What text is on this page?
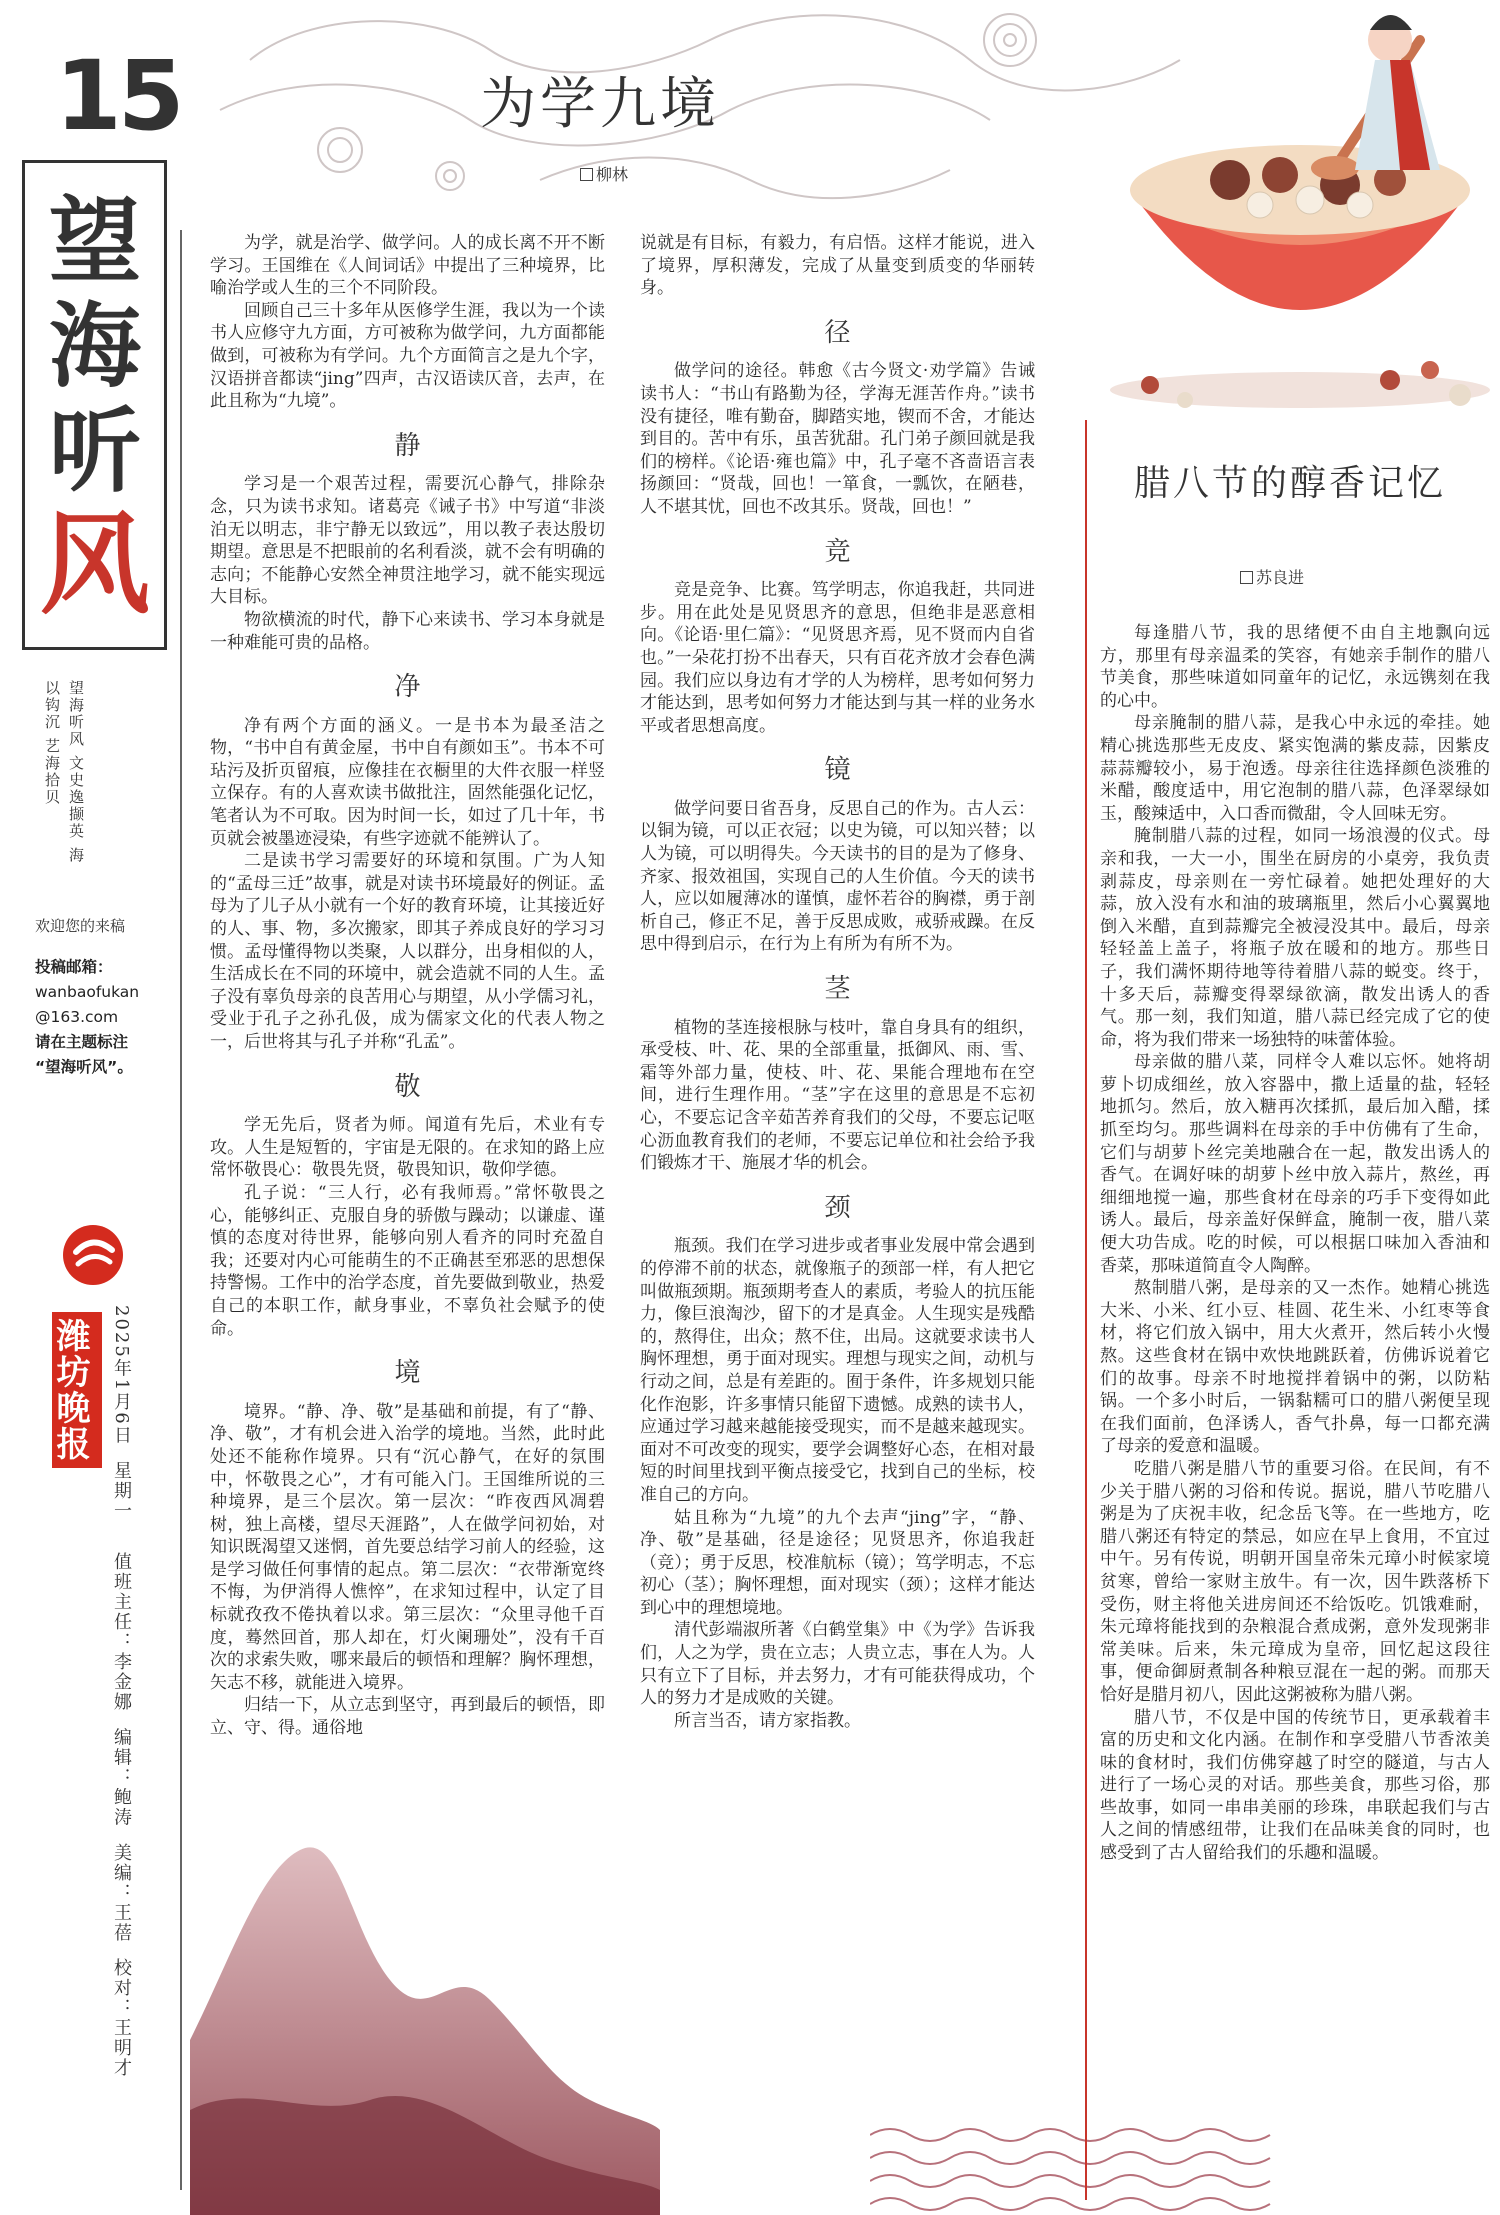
15
望
海
听
风
望海听风 文史逸撷英 海以钩沉 艺海拾贝
欢迎您的来稿
投稿邮箱：
wanbaofukan
@163.com
请在主题标注
“望海听风”。
潍坊晚报	2025年1月6日  星期一    值班主任：李金娜  编辑：鲍涛  美编：王蓓  校对：王明才
为学九境
柳林

为学，就是治学、做学问。人的成长离不开不断学习。王国维在《人间词话》中提出了三种境界，比喻治学或人生的三个不同阶段。

回顾自己三十多年从医修学生涯，我以为一个读书人应修守九方面，方可被称为做学问，九方面都能做到，可被称为有学问。九个方面简言之是九个字，汉语拼音都读“jing”四声，古汉语读仄音，去声，在此且称为“九境”。

静

学习是一个艰苦过程，需要沉心静气，排除杂念，只为读书求知。诸葛亮《诫子书》中写道“非淡泊无以明志，非宁静无以致远”，用以教子表达殷切期望。意思是不把眼前的名利看淡，就不会有明确的志向；不能静心安然全神贯注地学习，就不能实现远大目标。

物欲横流的时代，静下心来读书、学习本身就是一种难能可贵的品格。

净

净有两个方面的涵义。一是书本为最圣洁之物，“书中自有黄金屋，书中自有颜如玉”。书本不可玷污及折页留痕，应像挂在衣橱里的大件衣服一样竖立保存。有的人喜欢读书做批注，固然能强化记忆，笔者认为不可取。因为时间一长，如过了几十年，书页就会被墨迹浸染，有些字迹就不能辨认了。

二是读书学习需要好的环境和氛围。广为人知的“孟母三迁”故事，就是对读书环境最好的例证。孟母为了儿子从小就有一个好的教育环境，让其接近好的人、事、物，多次搬家，即其子养成良好的学习习惯。孟母懂得物以类聚，人以群分，出身相似的人，生活成长在不同的环境中，就会造就不同的人生。孟子没有辜负母亲的良苦用心与期望，从小学儒习礼，受业于孔子之孙孔伋，成为儒家文化的代表人物之一，后世将其与孔子并称“孔孟”。

敬

学无先后，贤者为师。闻道有先后，术业有专攻。人生是短暂的，宇宙是无限的。在求知的路上应常怀敬畏心：敬畏先贤，敬畏知识，敬仰学德。

孔子说：“三人行，必有我师焉。”常怀敬畏之心，能够纠正、克服自身的骄傲与躁动；以谦虚、谨慎的态度对待世界，能够向别人看齐的同时充盈自我；还要对内心可能萌生的不正确甚至邪恶的思想保持警惕。工作中的治学态度，首先要做到敬业，热爱自己的本职工作，献身事业，不辜负社会赋予的使命。

境

境界。“静、净、敬”是基础和前提，有了“静、净、敬”，才有机会进入治学的境地。当然，此时此处还不能称作境界。只有“沉心静气，在好的氛围中，怀敬畏之心”，才有可能入门。王国维所说的三种境界，是三个层次。第一层次：“昨夜西风凋碧树，独上高楼，望尽天涯路”，人在做学问初始，对知识既渴望又迷惘，首先要总结学习前人的经验，这是学习做任何事情的起点。第二层次：“衣带渐宽终不悔，为伊消得人憔悴”，在求知过程中，认定了目标就孜孜不倦执着以求。第三层次：“众里寻他千百度，蓦然回首，那人却在，灯火阑珊处”，没有千百次的求索失败，哪来最后的顿悟和理解？胸怀理想，矢志不移，就能进入境界。

归结一下，从立志到坚守，再到最后的顿悟，即立、守、得。通俗地

说就是有目标，有毅力，有启悟。这样才能说，进入了境界，厚积薄发，完成了从量变到质变的华丽转身。

径

做学问的途径。韩愈《古今贤文·劝学篇》告诫读书人：“书山有路勤为径，学海无涯苦作舟。”读书没有捷径，唯有勤奋，脚踏实地，锲而不舍，才能达到目的。苦中有乐，虽苦犹甜。孔门弟子颜回就是我们的榜样。《论语·雍也篇》中，孔子毫不吝啬语言表扬颜回：“贤哉，回也！一箪食，一瓢饮，在陋巷，人不堪其忧，回也不改其乐。贤哉，回也！”

竞

竞是竞争、比赛。笃学明志，你追我赶，共同进步。用在此处是见贤思齐的意思，但绝非是恶意相向。《论语·里仁篇》：“见贤思齐焉，见不贤而内自省也。”一朵花打扮不出春天，只有百花齐放才会春色满园。我们应以身边有才学的人为榜样，思考如何努力才能达到，思考如何努力才能达到与其一样的业务水平或者思想高度。

镜

做学问要日省吾身，反思自己的作为。古人云：以铜为镜，可以正衣冠；以史为镜，可以知兴替；以人为镜，可以明得失。今天读书的目的是为了修身、齐家、报效祖国，实现自己的人生价值。今天的读书人，应以如履薄冰的谨慎，虚怀若谷的胸襟，勇于剖析自己，修正不足，善于反思成败，戒骄戒躁。在反思中得到启示，在行为上有所为有所不为。

茎

植物的茎连接根脉与枝叶，靠自身具有的组织，承受枝、叶、花、果的全部重量，抵御风、雨、雪、霜等外部力量，使枝、叶、花、果能合理地布在空间，进行生理作用。“茎”字在这里的意思是不忘初心，不要忘记含辛茹苦养育我们的父母，不要忘记呕心沥血教育我们的老师，不要忘记单位和社会给予我们锻炼才干、施展才华的机会。

颈

瓶颈。我们在学习进步或者事业发展中常会遇到的停滞不前的状态，就像瓶子的颈部一样，有人把它叫做瓶颈期。瓶颈期考查人的素质，考验人的抗压能力，像巨浪淘沙，留下的才是真金。人生现实是残酷的，熬得住，出众；熬不住，出局。这就要求读书人胸怀理想，勇于面对现实。理想与现实之间，动机与行动之间，总是有差距的。囿于条件，许多规划只能化作泡影，许多事情只能留下遗憾。成熟的读书人，应通过学习越来越能接受现实，而不是越来越现实。面对不可改变的现实，要学会调整好心态，在相对最短的时间里找到平衡点接受它，找到自己的坐标，校准自己的方向。

姑且称为“九境”的九个去声“jing”字，“静、净、敬”是基础，径是途径；见贤思齐，你追我赶（竞）；勇于反思，校准航标（镜）；笃学明志，不忘初心（茎）；胸怀理想，面对现实（颈）；这样才能达到心中的理想境地。

清代彭端淑所著《白鹤堂集》中《为学》告诉我们，人之为学，贵在立志；人贵立志，事在人为。人只有立下了目标，并去努力，才有可能获得成功，个人的努力才是成败的关键。

所言当否，请方家指教。

腊八节的醇香记忆
苏良进

每逢腊八节，我的思绪便不由自主地飘向远方，那里有母亲温柔的笑容，有她亲手制作的腊八节美食，那些味道如同童年的记忆，永远镌刻在我的心中。

母亲腌制的腊八蒜，是我心中永远的牵挂。她精心挑选那些无皮皮、紧实饱满的紫皮蒜，因紫皮蒜蒜瓣较小，易于泡透。母亲往往选择颜色淡雅的米醋，酸度适中，用它泡制的腊八蒜，色泽翠绿如玉，酸辣适中，入口香而微甜，令人回味无穷。

腌制腊八蒜的过程，如同一场浪漫的仪式。母亲和我，一大一小，围坐在厨房的小桌旁，我负责剥蒜皮，母亲则在一旁忙碌着。她把处理好的大蒜，放入没有水和油的玻璃瓶里，然后小心翼翼地倒入米醋，直到蒜瓣完全被浸没其中。最后，母亲轻轻盖上盖子，将瓶子放在暖和的地方。那些日子，我们满怀期待地等待着腊八蒜的蜕变。终于，十多天后，蒜瓣变得翠绿欲滴，散发出诱人的香气。那一刻，我们知道，腊八蒜已经完成了它的使命，将为我们带来一场独特的味蕾体验。

母亲做的腊八菜，同样令人难以忘怀。她将胡萝卜切成细丝，放入容器中，撒上适量的盐，轻轻地抓匀。然后，放入糖再次揉抓，最后加入醋，揉抓至均匀。那些调料在母亲的手中仿佛有了生命，它们与胡萝卜丝完美地融合在一起，散发出诱人的香气。在调好味的胡萝卜丝中放入蒜片，熬丝，再细细地搅一遍，那些食材在母亲的巧手下变得如此诱人。最后，母亲盖好保鲜盒，腌制一夜，腊八菜便大功告成。吃的时候，可以根据口味加入香油和香菜，那味道简直令人陶醉。

熬制腊八粥，是母亲的又一杰作。她精心挑选大米、小米、红小豆、桂圆、花生米、小红枣等食材，将它们放入锅中，用大火煮开，然后转小火慢熬。这些食材在锅中欢快地跳跃着，仿佛诉说着它们的故事。母亲不时地搅拌着锅中的粥，以防粘锅。一个多小时后，一锅黏糯可口的腊八粥便呈现在我们面前，色泽诱人，香气扑鼻，每一口都充满了母亲的爱意和温暖。

吃腊八粥是腊八节的重要习俗。在民间，有不少关于腊八粥的习俗和传说。据说，腊八节吃腊八粥是为了庆祝丰收，纪念岳飞等。在一些地方，吃腊八粥还有特定的禁忌，如应在早上食用，不宜过中午。另有传说，明朝开国皇帝朱元璋小时候家境贫寒，曾给一家财主放牛。有一次，因牛跌落桥下受伤，财主将他关进房间还不给饭吃。饥饿难耐，朱元璋将能找到的杂粮混合煮成粥，意外发现粥非常美味。后来，朱元璋成为皇帝，回忆起这段往事，便命御厨煮制各种粮豆混在一起的粥。而那天恰好是腊月初八，因此这粥被称为腊八粥。

腊八节，不仅是中国的传统节日，更承载着丰富的历史和文化内涵。在制作和享受腊八节香浓美味的食材时，我们仿佛穿越了时空的隧道，与古人进行了一场心灵的对话。那些美食，那些习俗，那些故事，如同一串串美丽的珍珠，串联起我们与古人之间的情感纽带，让我们在品味美食的同时，也感受到了古人留给我们的乐趣和温暖。
